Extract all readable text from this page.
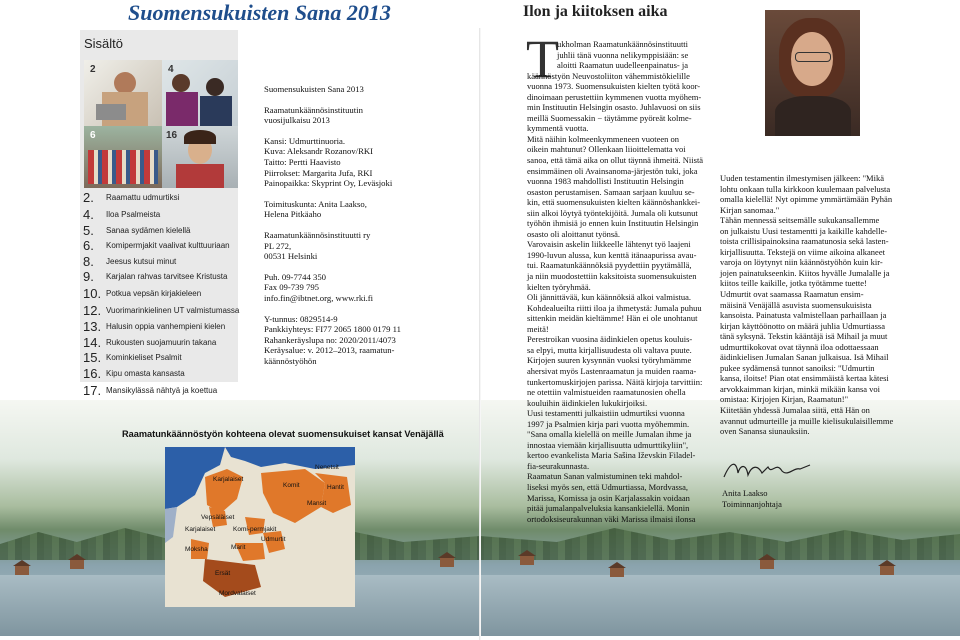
Suomensukuisten Sana 2013	Ilon ja kiitoksen aika
Sisältö
2	4
6	16
2. Raamattu udmurtiksi
4. Iloa Psalmeista
5. Sanaa sydämen kielellä
6. Komipermjakit vaalivat kulttuuriaan
8. Jeesus kutsui minut
9. Karjalan rahvas tarvitsee Kristusta
10. Potkua vepsän kirjakieleen
12. Vuorimarinkielinen UT valmistumassa
13. Halusin oppia vanhempieni kielen
14. Rukousten suojamuurin takana
15. Kominkieliset Psalmit
16. Kipu omasta kansasta
17. Mansikylässä nähtyä ja koettua

Suomensukuisten Sana 2013

Raamatunkäännösinstituutin
vuosijulkaisu 2013

Kansi: Udmurttinuoria.
Kuva: Aleksandr Rozanov/RKI
Taitto: Pertti Haavisto
Piirrokset: Margarita Jufa, RKI
Painopaikka: Skyprint Oy, Leväsjoki

Toimituskunta: Anita Laakso,
Helena Pitkäaho

Raamatunkäännösinstituutti ry
PL 272,
00531 Helsinki

Puh. 09-7744 350
Fax 09-739 795
info.fin@ibtnet.org, www.rki.fi

Y-tunnus: 0829514-9
Pankkiyhteys: FI77 2065 1800 0179 11
Rahankeräyslupa no: 2020/2011/4073
Keräysalue: v. 2012–2013, raamatun-
käännöstyöhön

Raamatunkäännöstyön kohteena olevat suomensukuiset kansat Venäjällä
Karjalaiset
Vepsäläiset
Komit	Hantit
Karjalaiset
Mansit
Nenetsit
Moksha
Komi-permjakit
Marit
Udmurtit
Ersät
Mordvalaiset
T
ukholman Raamatunkäännösinstituutti
juhlii tänä vuonna nelikymppisiään: se
aloitti Raamatun uudelleenpainatus- ja
käännöstyön Neuvostoliiton vähemmistökielille
vuonna 1973. Suomensukuisten kielten työtä koor-
dinoimaan perustettiin kymmenen vuotta myöhem-
min Instituutin Helsingin osasto. Juhlavuosi on siis
meillä Suomessakin − täytämme pyöreät kolme-
kymmentä vuotta.
Mitä näihin kolmeenkymmeneen vuoteen on
oikein mahtunut? Ollenkaan liioittelematta voi
sanoa, että tämä aika on ollut täynnä ihmeitä. Niistä
ensimmäinen oli Avainsanoma-järjestön tuki, joka
vuonna 1983 mahdollisti Instituutin Helsingin
osaston perustamisen. Samaan sarjaan kuuluu se-
kin, että suomensukuisten kielten käännöshankkei-
siin alkoi löytyä työntekijöitä. Jumala oli kutsunut
työhön ihmisiä jo ennen kuin Instituutin Helsingin
osasto oli aloittanut työnsä.
Varovaisin askelin liikkeelle lähtenyt työ laajeni
1990-luvun alussa, kun kenttä itänaapurissa avau-
tui. Raamatunkäännöksiä pyydettiin pyytämällä,
ja niin muodostettiin kaksitoista suomensukuisten
kielten työryhmää.
Oli jännittävää, kun käännöksiä alkoi valmistua.
Kohdealueilta riitti iloa ja ihmetystä: Jumala puhuu
sittenkin meidän kieltämme! Hän ei ole unohtanut
meitä!
Perestroikan vuosina äidinkielen opetus kouluis-
sa elpyi, mutta kirjallisuudesta oli valtava puute.
Kirjojen suuren kysynnän vuoksi työryhmämme
ahersivat myös Lastenraamatun ja muiden raama-
tunkertomuskirjojen parissa. Näitä kirjoja tarvittiin:
ne otettiin valmistueiden raamatunosien ohella
kouluihin äidinkielen lukukirjoiksi.
Uusi testamentti julkaistiin udmurtiksi vuonna
1997 ja Psalmien kirja pari vuotta myöhemmin.
"Sana omalla kielellä on meille Jumalan ihme ja
innostaa viemään kirjallisuutta udmurttikyliin",
kertoo evankelista Maria Sašina Iževskin Filadel-
fia-seurakunnasta.
Raamatun Sanan valmistuminen teki mahdol-
liseksi myös sen, että Udmurtiassa, Mordvassa,
Marissa, Komissa ja osin Karjalassakin voidaan
pitää jumalanpalveluksia kansankielellä. Monin
ortodoksiseurakunnan väki Marissa ilmaisi ilonsa
Uuden testamentin ilmestymisen jälkeen: "Mikä
lohtu onkaan tulla kirkkoon kuulemaan palvelusta
omalla kielellä! Nyt opimme ymmärtämään Pyhän
Kirjan sanomaa."
Tähän mennessä seitsemälle sukukansallemme
on julkaistu Uusi testamentti ja kaikille kahdelle-
toista crillisipainoksina raamatunosia sekä lasten-
kirjallisuutta. Tekstejä on viime aikoina alkaneet
varoja on löytynyt niin käännöstyöhön kuin kir-
jojen painatukseenkin. Kiitos hyvälle Jumalalle ja
kiitos teille kaikille, jotka työtämme tuette!
Udmurtit ovat saamassa Raamatun ensim-
mäisinä Venäjällä asuvista suomensukuisista
kansoista. Painatusta valmistellaan parhaillaan ja
kirjan käyttöönotto on määrä juhlia Udmurtiassa
tänä syksynä. Tekstin kääntäjä isä Mihail ja muut
udmurttikokovat ovat täynnä iloa odottaessaan
äidinkielisen Jumalan Sanan julkaisua. Isä Mihail
pukee sydämensä tunnot sanoiksi: "Udmurtin
kansa, iloitse! Pian otat ensimmäistä kertaa kätesi
arvokkaimman kirjan, minkä mikään kansa voi
omistaa: Kirjojen Kirjan, Raamatun!"
Kiitetään yhdessä Jumalaa siitä, että Hän on
avannut udmurteille ja muille kielisukulaisillemme
oven Sanansa siunauksiin.
Anita Laakso
Toiminnanjohtaja
